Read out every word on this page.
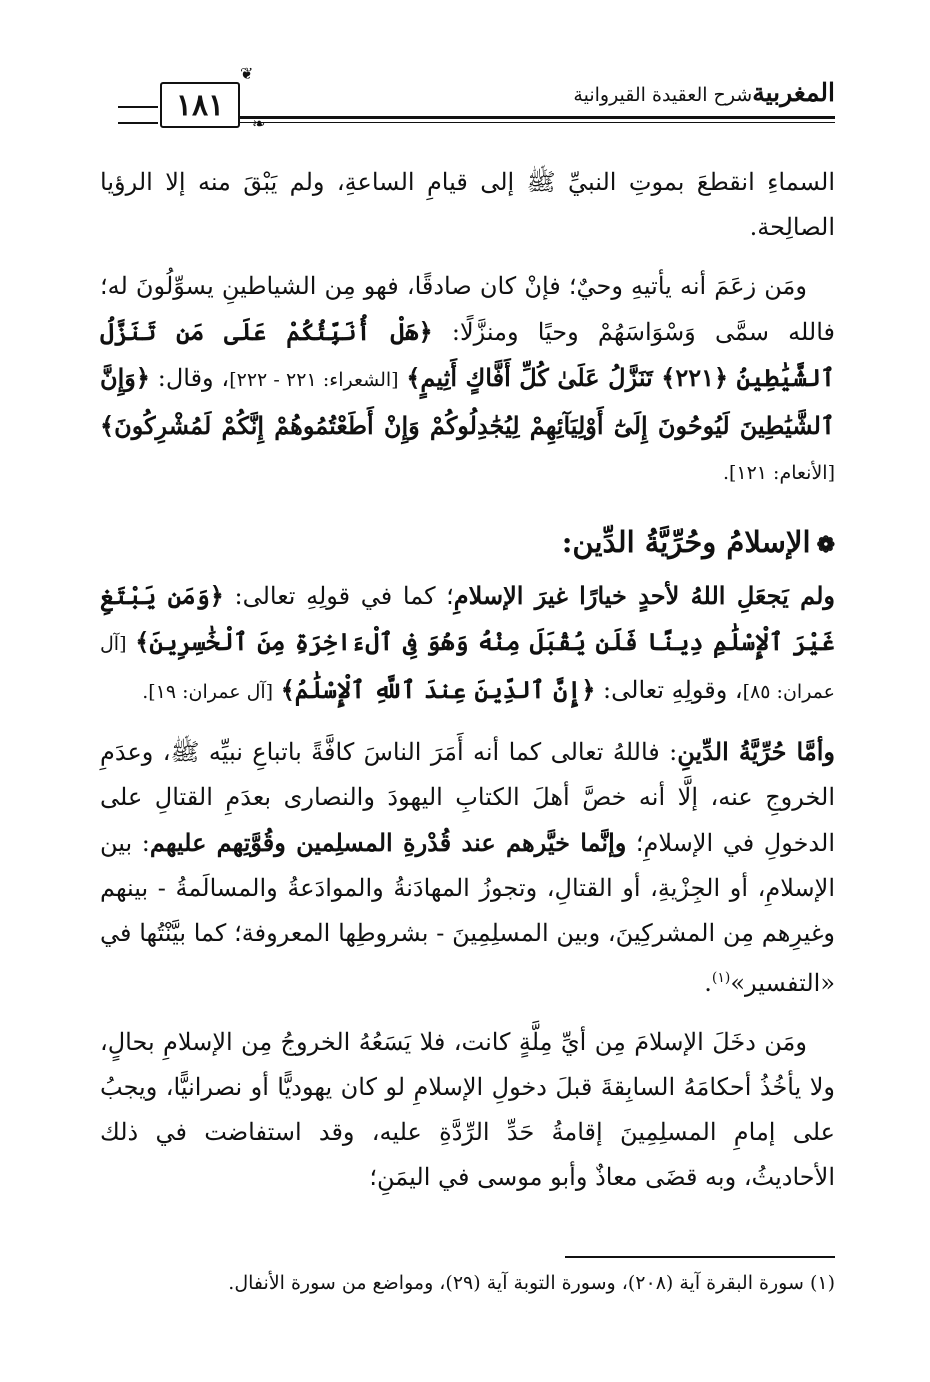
المغربيةشرح العقيدة القيروانية
❦
❧
١٨١

السماءِ انقطعَ بموتِ النبيِّ ﷺ إلى قيامِ الساعةِ، ولم يَبْقَ منه إلا الرؤيا الصالِحة.

ومَن زعَمَ أنه يأتيهِ وحيٌ؛ فإنْ كان صادقًا، فهو مِن الشياطينِ يسوِّلُونَ له؛ فالله سمَّى وَسْوَاسَهُمْ وحيًا ومنزَّلًا: ﴿هَلْ أُنَبِّئُكُمْ عَلَى مَن تَنَزَّلُ ٱلشَّيَٰطِينُ ﴿٢٢١﴾ تَنَزَّلُ عَلَىٰ كُلِّ أَفَّاكٍ أَثِيمٍ﴾ [الشعراء: ٢٢١ - ٢٢٢]، وقال: ﴿وَإِنَّ ٱلشَّيَٰطِينَ لَيُوحُونَ إِلَىٰٓ أَوْلِيَآئِهِمْ لِيُجَٰدِلُوكُمْ وَإِنْ أَطَعْتُمُوهُمْ إِنَّكُمْ لَمُشْرِكُونَ﴾ [الأنعام: ١٢١].

❁الإسلامُ وحُرِّيَّةُ الدِّين:

ولم يَجعَلِ اللهُ لأحدٍ خيارًا غيرَ الإسلامِ؛ كما في قولِهِ تعالى: ﴿وَمَن يَبْتَغِ غَيْرَ ٱلْإِسْلَٰمِ دِينًا فَلَن يُقْبَلَ مِنْهُ وَهُوَ فِى ٱلْءَاخِرَةِ مِنَ ٱلْخَٰسِرِينَ﴾ [آل عمران: ٨٥]، وقولِهِ تعالى: ﴿إِنَّ ٱلدِّينَ عِندَ ٱللَّهِ ٱلْإِسْلَٰمُ﴾ [آل عمران: ١٩].

وأمَّا حُرِّيَّةُ الدِّينِ: فاللهُ تعالى كما أنه أَمَرَ الناسَ كافَّةً باتباعِ نبيِّه ﷺ، وعدَمِ الخروجِ عنه، إلَّا أنه خصَّ أهلَ الكتابِ اليهودَ والنصارى بعدَمِ القتالِ على الدخولِ في الإسلامِ؛ وإنَّما خيَّرهم عند قُدْرةِ المسلِمين وقُوَّتِهم عليهم: بين الإسلامِ، أو الجِزْيةِ، أو القتالِ، وتجوزُ المهادَنةُ والموادَعةُ والمسالَمةُ - بينهم وغيرِهم مِن المشركِينَ، وبين المسلِمِينَ - بشروطِها المعروفة؛ كما بيَّنْتُها في «التفسير»$^{(١)}$.

ومَن دخَلَ الإسلامَ مِن أيِّ مِلَّةٍ كانت، فلا يَسَعُهُ الخروجُ مِن الإسلامِ بحالٍ، ولا يأخُذُ أحكامَهُ السابِقةَ قبلَ دخولِ الإسلامِ لو كان يهوديًّا أو نصرانيًّا، ويجبُ على إمامِ المسلِمِينَ إقامةُ حَدِّ الرِّدَّةِ عليه، وقد استفاضت في ذلك الأحاديثُ، وبه قضَى معاذٌ وأبو موسى في اليمَنِ؛

(١) سورة البقرة آية (٢٠٨)، وسورة التوبة آية (٢٩)، ومواضع من سورة الأنفال.
